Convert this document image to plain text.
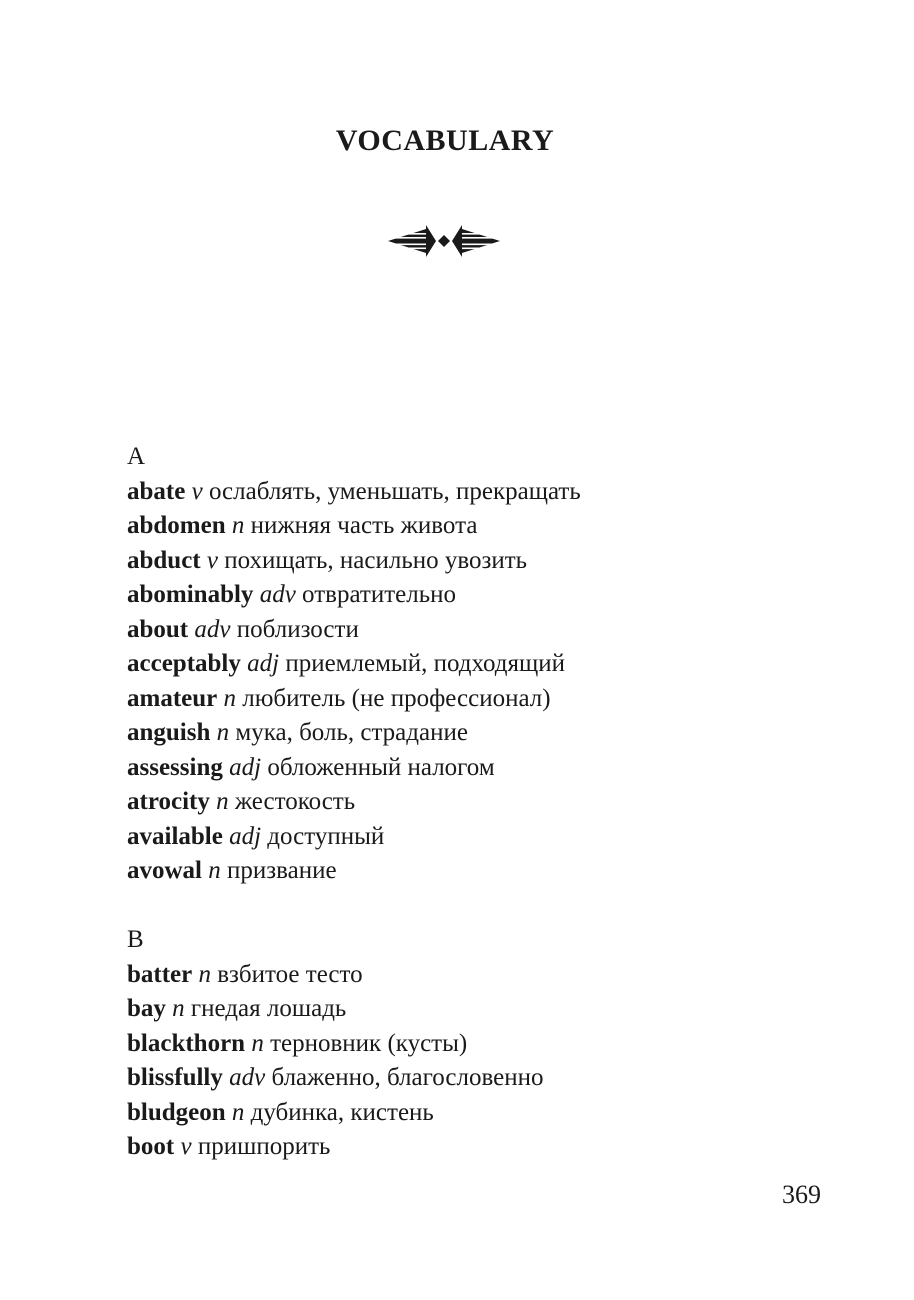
VOCABULARY
A
abate v ослаблять, уменьшать, прекращать
abdomen n нижняя часть живота
abduct v похищать, насильно увозить
abominably adv отвратительно
about adv поблизости
acceptably adj приемлемый, подходящий
amateur n любитель (не профессионал)
anguish n мука, боль, страдание
assessing adj обложенный налогом
atrocity n жестокость
available adj доступный
avowal n призвание
B
batter n взбитое тесто
bay n гнедая лошадь
blackthorn n терновник (кусты)
blissfully adv блаженно, благословенно
bludgeon n дубинка, кистень
boot v пришпорить
369
